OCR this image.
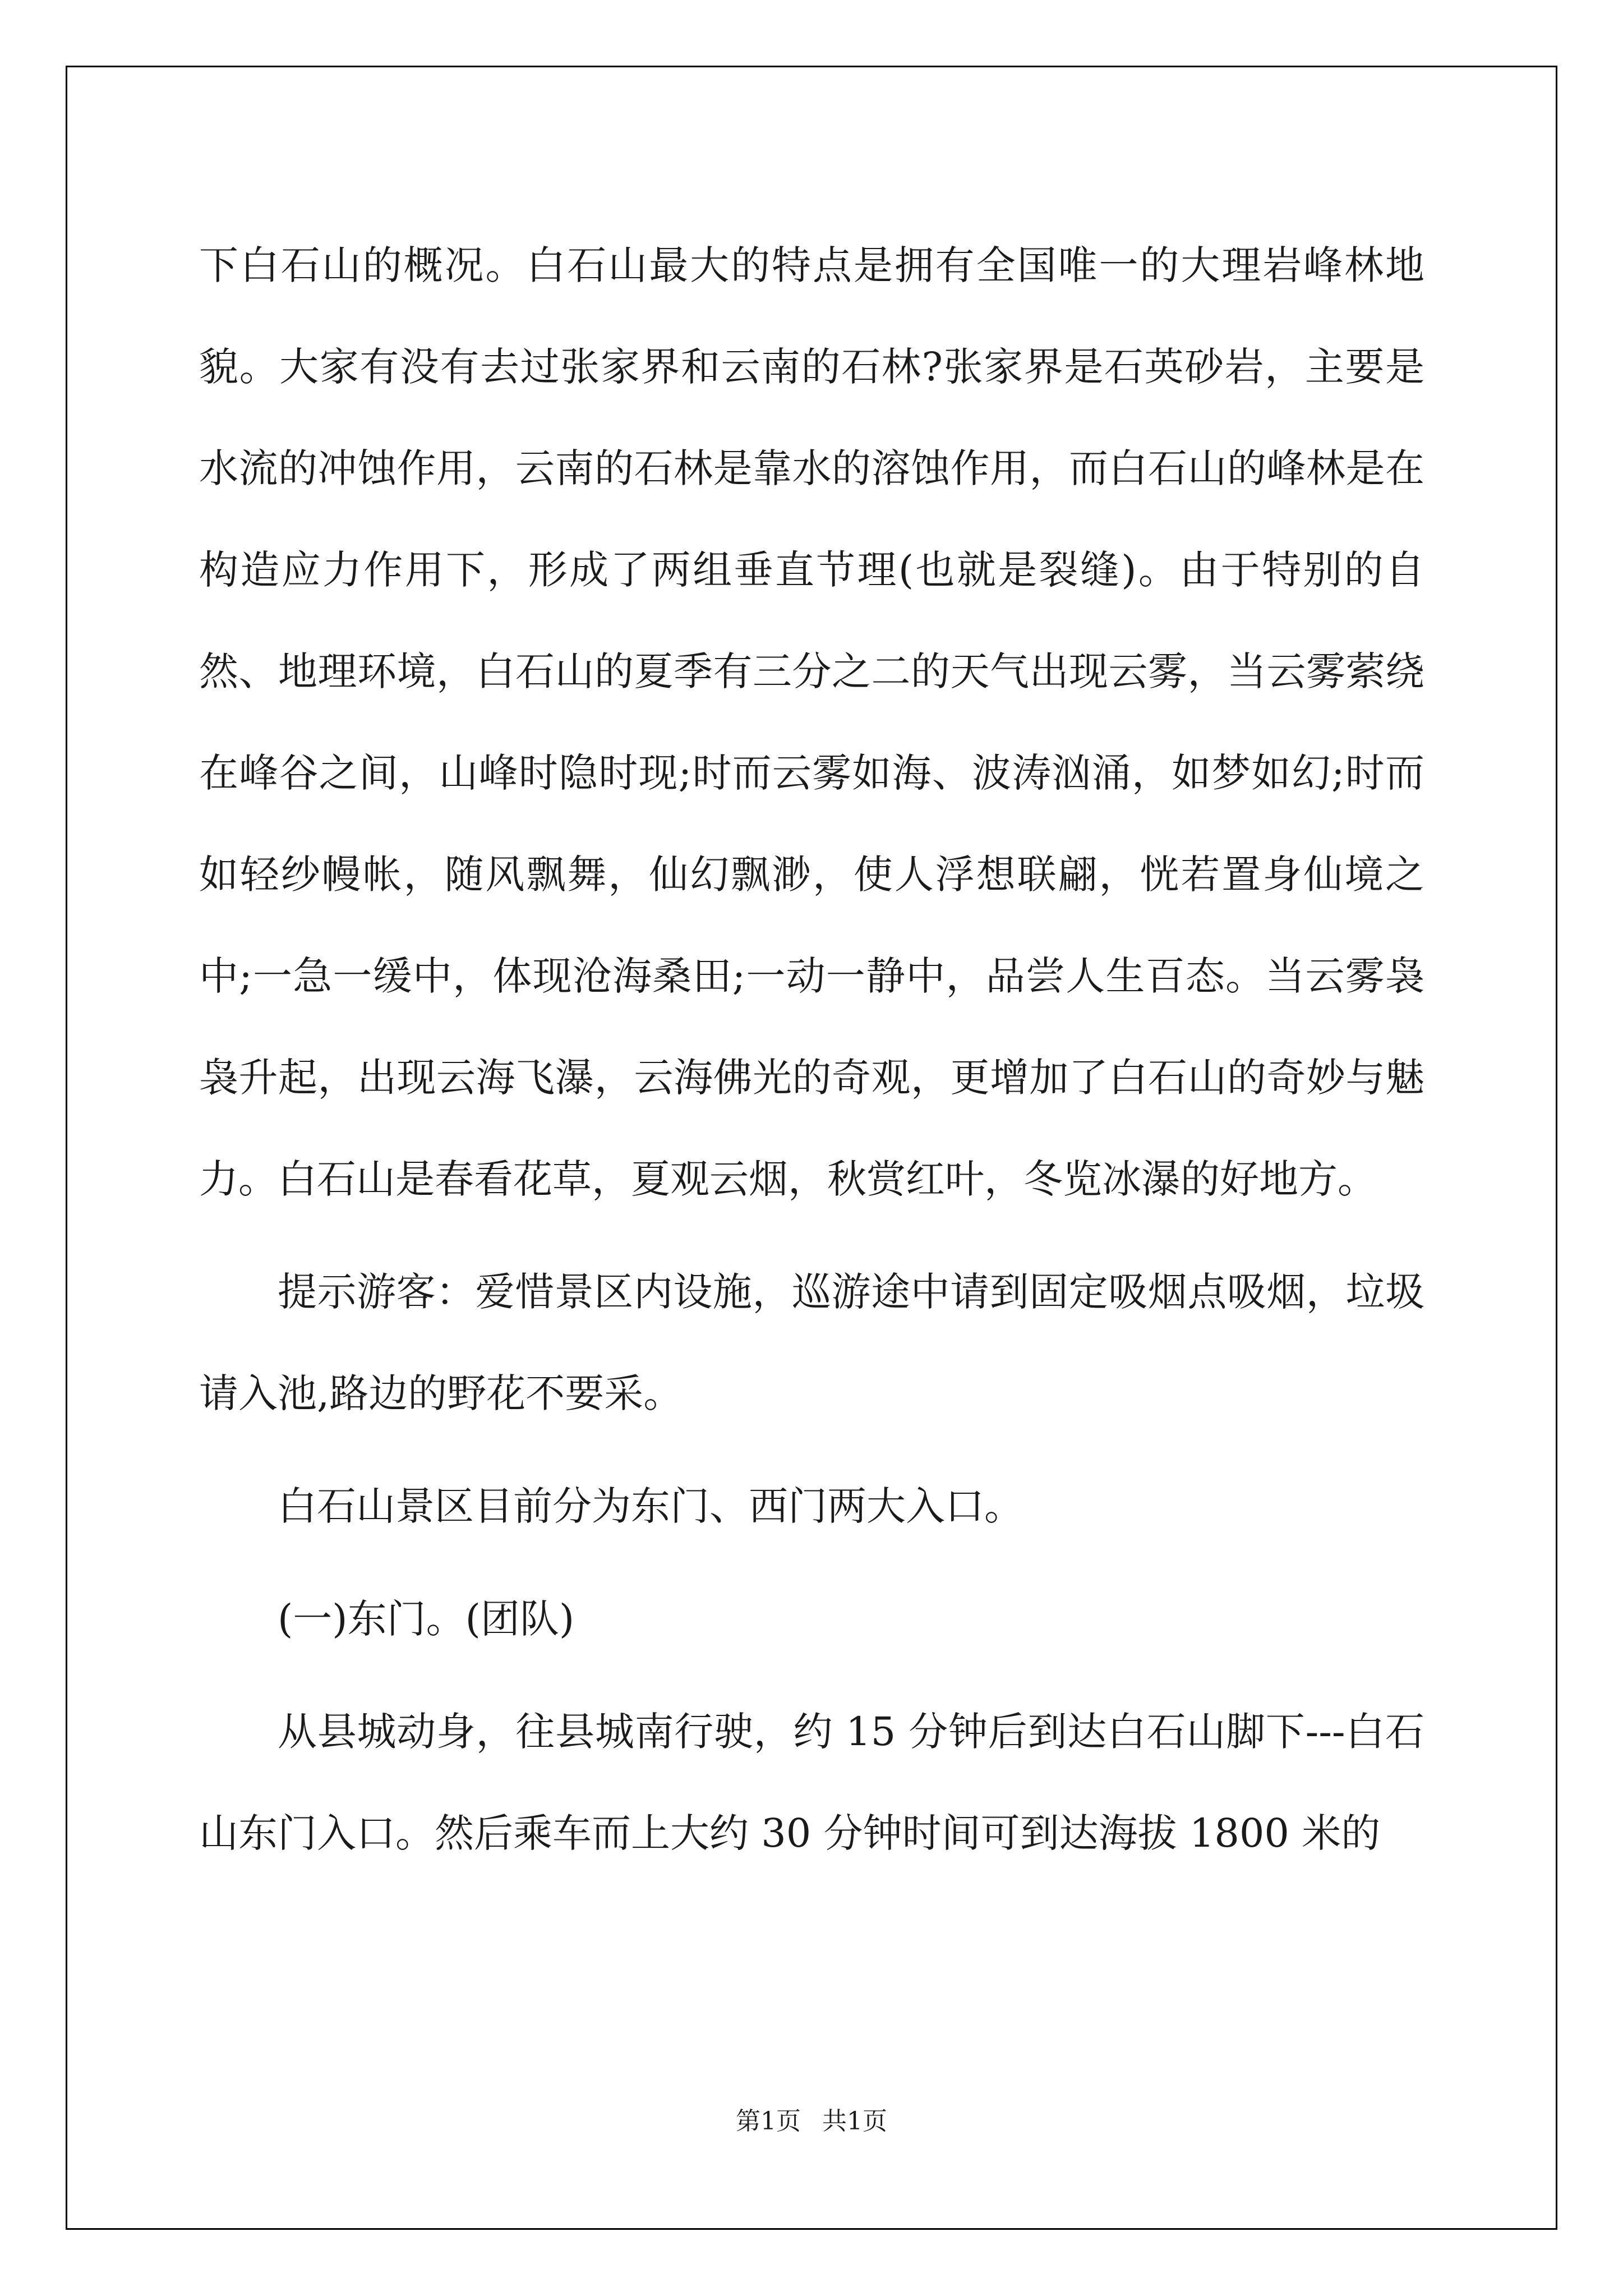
下白石山的概况。白石山最大的特点是拥有全国唯一的大理岩峰林地貌。大家有没有去过张家界和云南的石林?张家界是石英砂岩，主要是水流的冲蚀作用，云南的石林是靠水的溶蚀作用，而白石山的峰林是在构造应力作用下，形成了两组垂直节理(也就是裂缝)。由于特别的自然、地理环境，白石山的夏季有三分之二的天气出现云雾，当云雾萦绕在峰谷之间，山峰时隐时现;时而云雾如海、波涛汹涌，如梦如幻;时而如轻纱幔帐，随风飘舞，仙幻飘渺，使人浮想联翩，恍若置身仙境之中;一急一缓中，体现沧海桑田;一动一静中，品尝人生百态。当云雾袅袅升起，出现云海飞瀑，云海佛光的奇观，更增加了白石山的奇妙与魅力。白石山是春看花草，夏观云烟，秋赏红叶，冬览冰瀑的好地方。

提示游客：爱惜景区内设施，巡游途中请到固定吸烟点吸烟，垃圾请入池,路边的野花不要采。

白石山景区目前分为东门、西门两大入口。

(一)东门。(团队)

从县城动身，往县城南行驶，约 15 分钟后到达白石山脚下---白石山东门入口。然后乘车而上大约 30 分钟时间可到达海拔 1800 米的

第1页 共1页
